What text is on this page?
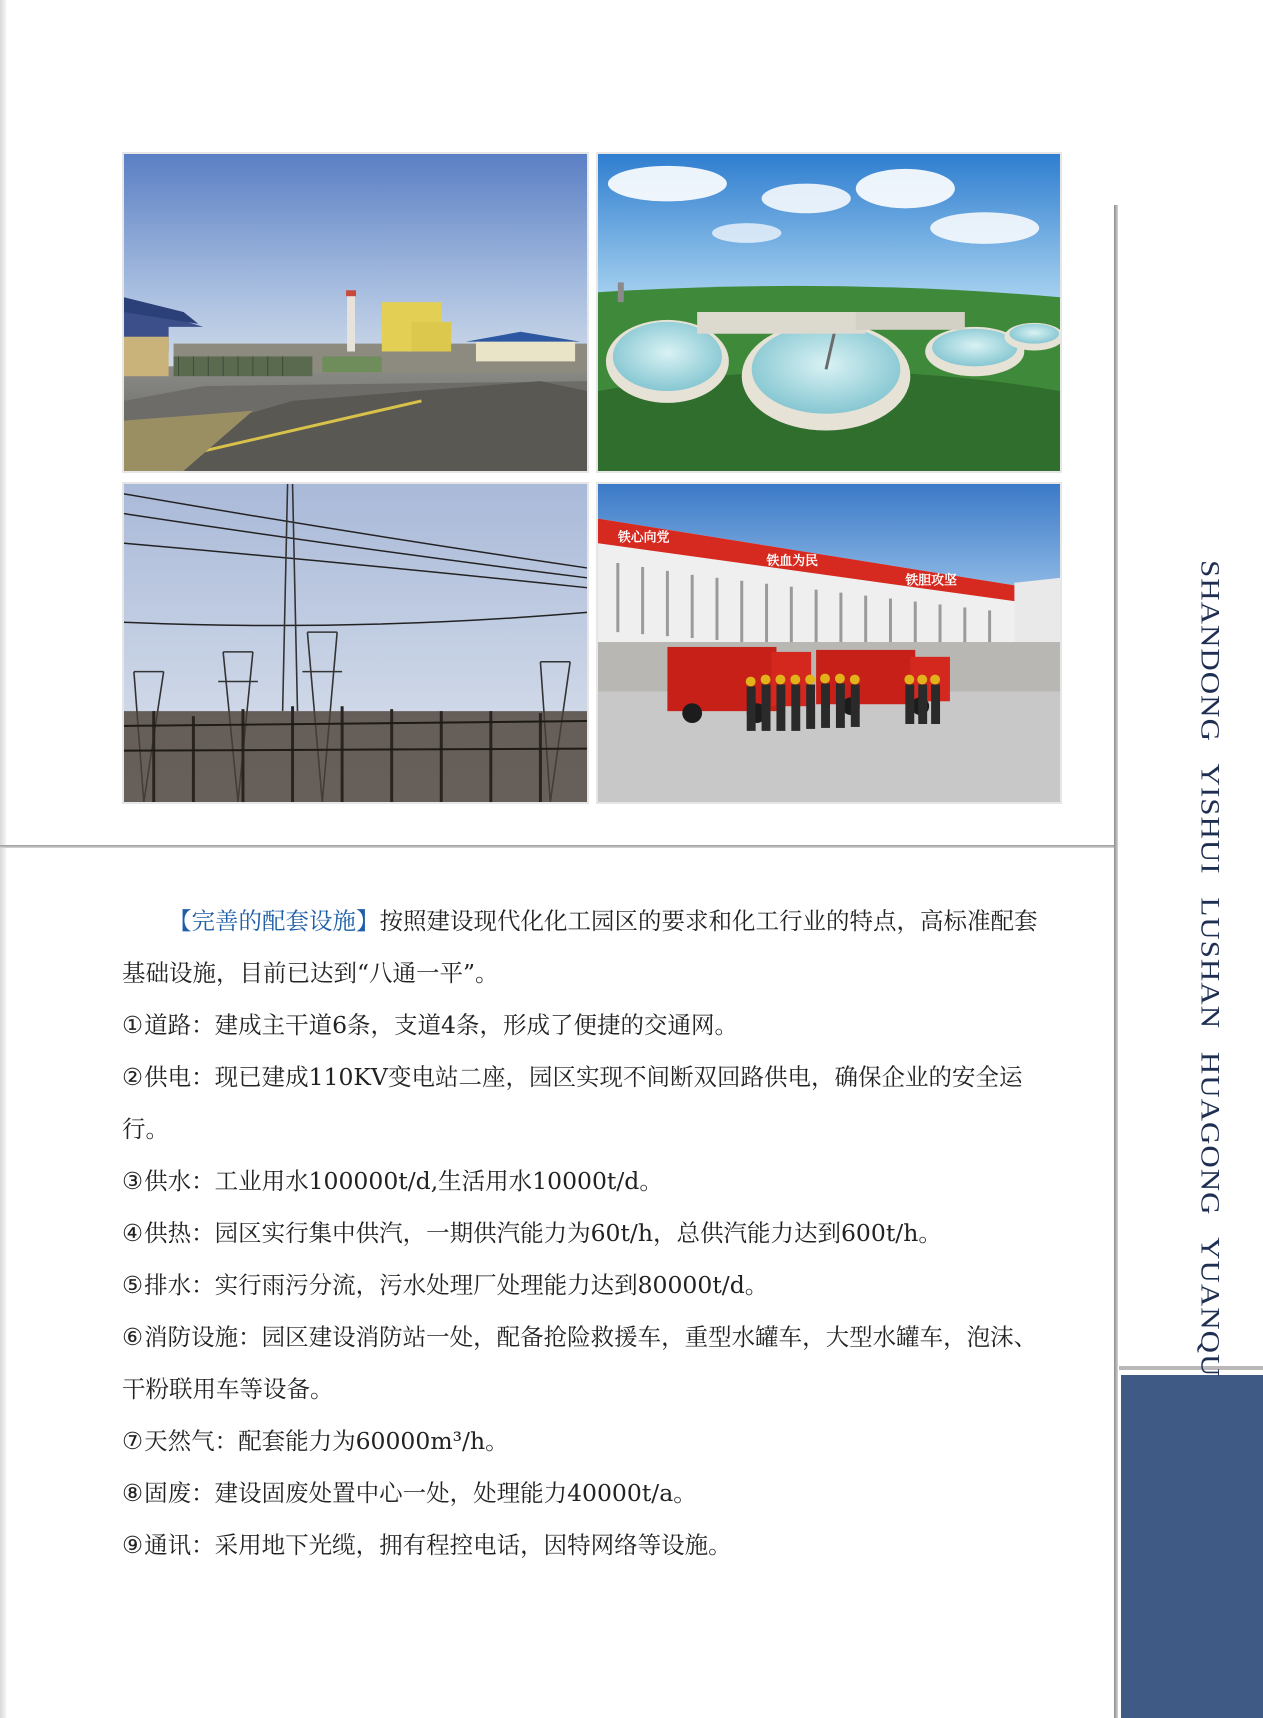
铁心向党
铁血为民
铁胆攻坚	SHANDONG YISHUI LUSHAN HUAGONG YUANQU

【完善的配套设施】按照建设现代化化工园区的要求和化工行业的特点，高标准配套基础设施，目前已达到“八通一平”。

①道路：建成主干道6条，支道4条，形成了便捷的交通网。

②供电：现已建成110KV变电站二座，园区实现不间断双回路供电，确保企业的安全运行。

③供水：工业用水100000t/d,生活用水10000t/d。

④供热：园区实行集中供汽，一期供汽能力为60t/h，总供汽能力达到600t/h。

⑤排水：实行雨污分流，污水处理厂处理能力达到80000t/d。

⑥消防设施：园区建设消防站一处，配备抢险救援车，重型水罐车，大型水罐车，泡沫、干粉联用车等设备。

⑦天然气：配套能力为60000m³/h。

⑧固废：建设固废处置中心一处，处理能力40000t/a。

⑨通讯：采用地下光缆，拥有程控电话，因特网络等设施。
